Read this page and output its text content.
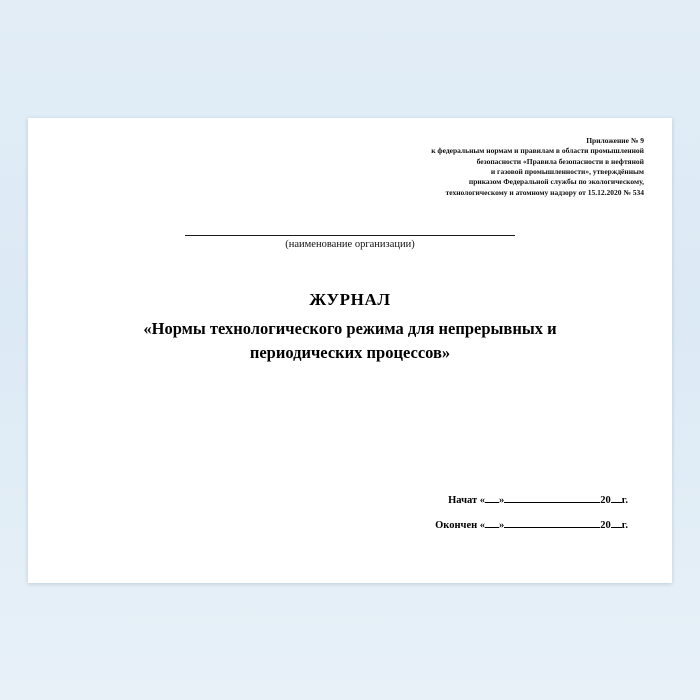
Приложение № 9
к федеральным нормам и правилам в области промышленной
безопасности «Правила безопасности в нефтяной
и газовой промышленности», утверждённым
приказом Федеральной службы по экологическому,
технологическому и атомному надзору от 15.12.2020 № 534
(наименование организации)
ЖУРНАЛ
«Нормы технологического режима для непрерывных и периодических процессов»
Начат « »	20 г.
Окончен « »	20 г.
